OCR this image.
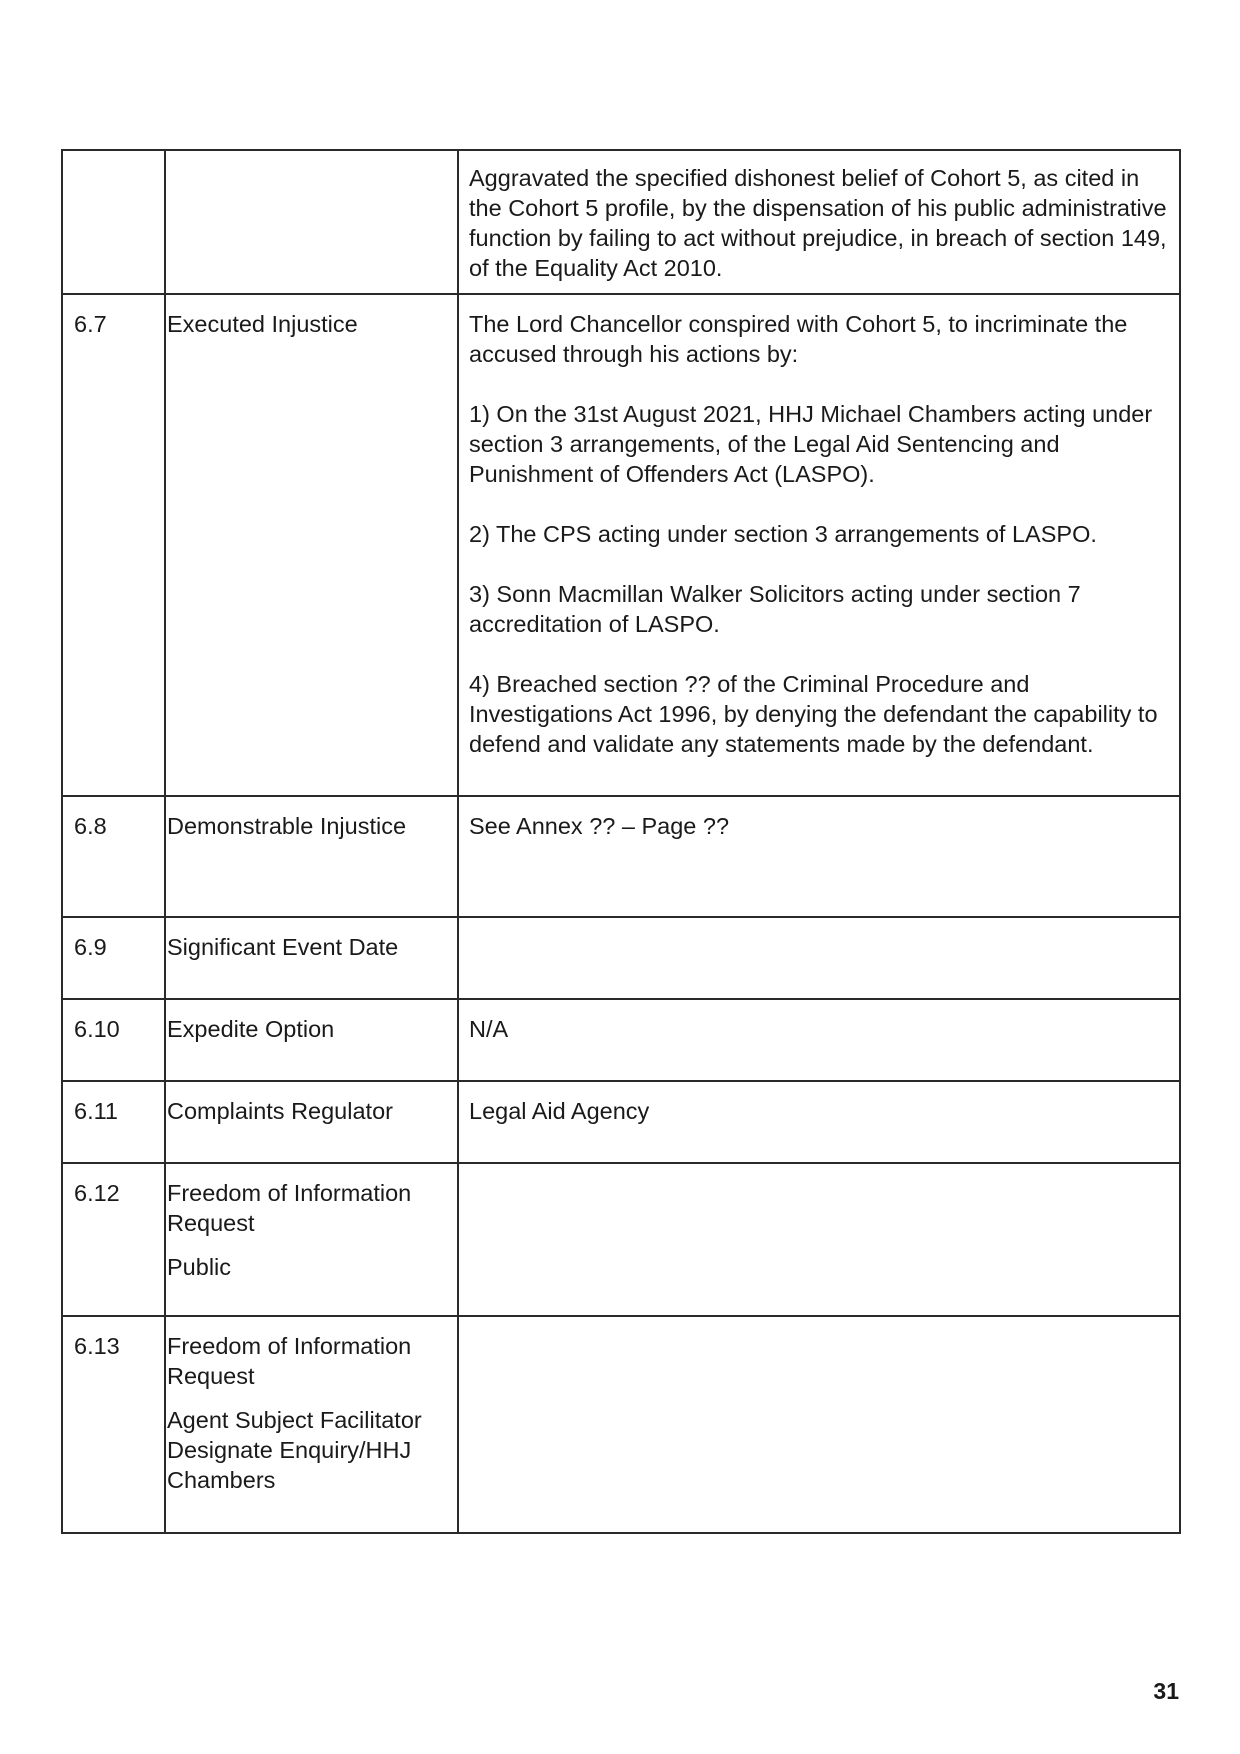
		Aggravated the specified dishonest belief of Cohort 5, as cited in the Cohort 5 profile, by the dispensation of his public administrative function by failing to act without prejudice, in breach of section 149, of the Equality Act 2010.

6.7	Executed Injustice	The Lord Chancellor conspired with Cohort 5, to incriminate the accused through his actions by:

1) On the 31st August 2021, HHJ Michael Chambers acting under section 3 arrangements, of the Legal Aid Sentencing and Punishment of Offenders Act (LASPO).

2) The CPS acting under section 3 arrangements of LASPO.

3) Sonn Macmillan Walker Solicitors acting under section 7 accreditation of LASPO.

4) Breached section ?? of the Criminal Procedure and Investigations Act 1996, by denying the defendant the capability to defend and validate any statements made by the defendant.

6.8	Demonstrable Injustice	See Annex ?? – Page ??

6.9	Significant Event Date	

6.10	Expedite Option	N/A

6.11	Complaints Regulator	Legal Aid Agency

6.12	Freedom of Information Request

Public	

6.13	Freedom of Information Request

Agent Subject Facilitator Designate Enquiry/HHJ Chambers	

31
